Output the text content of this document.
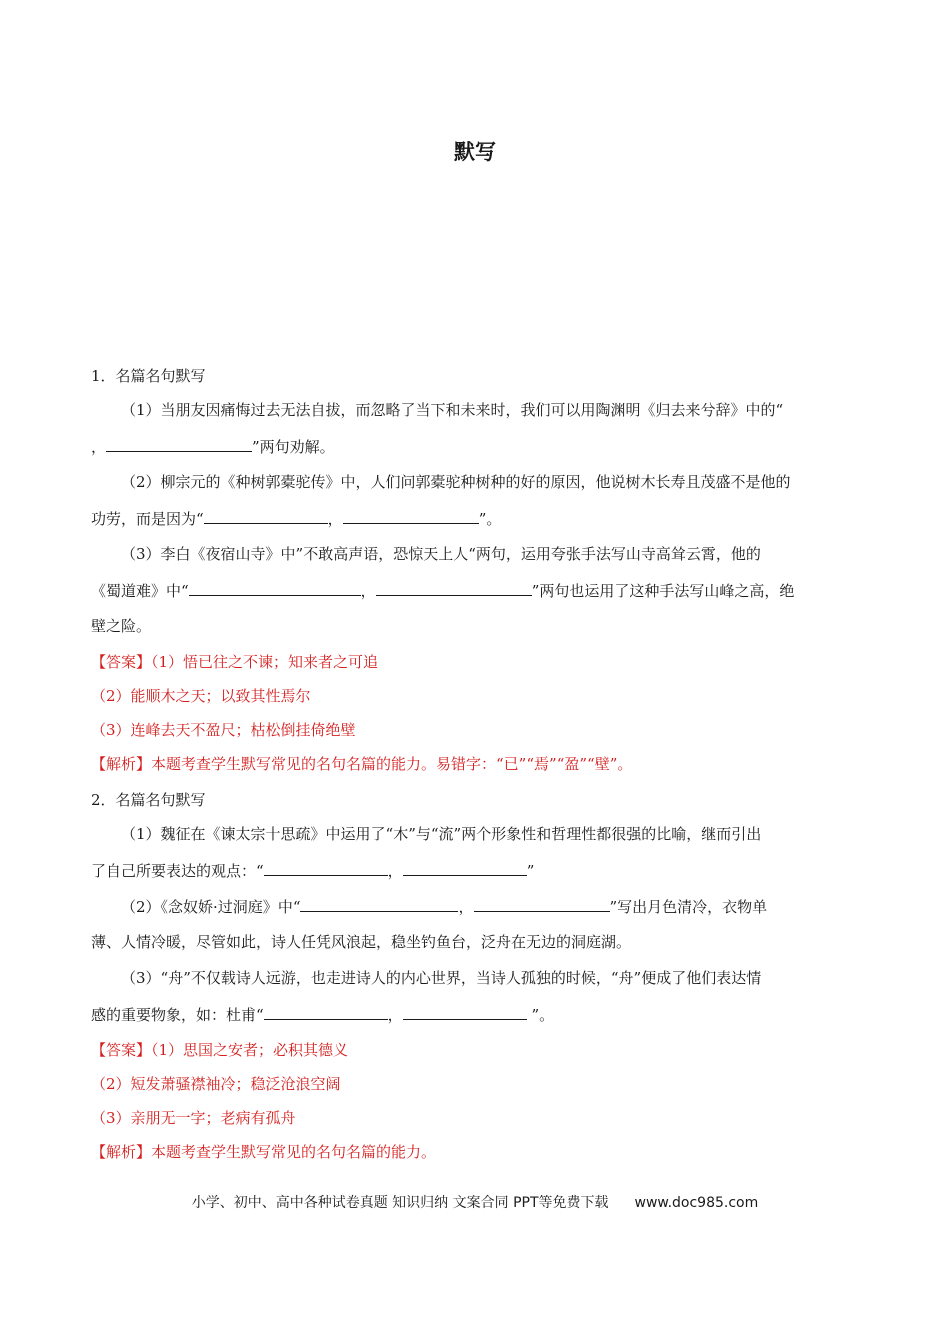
默写
1．名篇名句默写
（1）当朋友因痛悔过去无法自拔，而忽略了当下和未来时，我们可以用陶渊明《归去来兮辞》中的“
，	”两句劝解。
（2）柳宗元的《种树郭橐驼传》中，人们问郭橐驼种树种的好的原因，他说树木长寿且茂盛不是他的
功劳，而是因为“	，	”。
（3）李白《夜宿山寺》中”不敢高声语，恐惊天上人“两句，运用夸张手法写山寺高耸云霄，他的
《蜀道难》中“	，	”两句也运用了这种手法写山峰之高，绝
壁之险。
【答案】（1）悟已往之不谏；知来者之可追
（2）能顺木之天；以致其性焉尔
（3）连峰去天不盈尺；枯松倒挂倚绝壁
【解析】本题考查学生默写常见的名句名篇的能力。易错字：“已”“焉”“盈”“壁”。
2．名篇名句默写
（1）魏征在《谏太宗十思疏》中运用了“木”与“流”两个形象性和哲理性都很强的比喻，继而引出
了自己所要表达的观点：“	，	”
（2）《念奴娇·过洞庭》中“	，	”写出月色清冷，衣物单
薄、人情冷暖，尽管如此，诗人任凭风浪起，稳坐钓鱼台，泛舟在无边的洞庭湖。
（3）“舟”不仅载诗人远游，也走进诗人的内心世界，当诗人孤独的时候，“舟”便成了他们表达情
感的重要物象，如：杜甫“	，	”。
【答案】（1）思国之安者；必积其德义
（2）短发萧骚襟袖冷；稳泛沧浪空阔
（3）亲朋无一字；老病有孤舟
【解析】本题考查学生默写常见的名句名篇的能力。
小学、初中、高中各种试卷真题 知识归纳 文案合同 PPT等免费下载 www.doc985.com
